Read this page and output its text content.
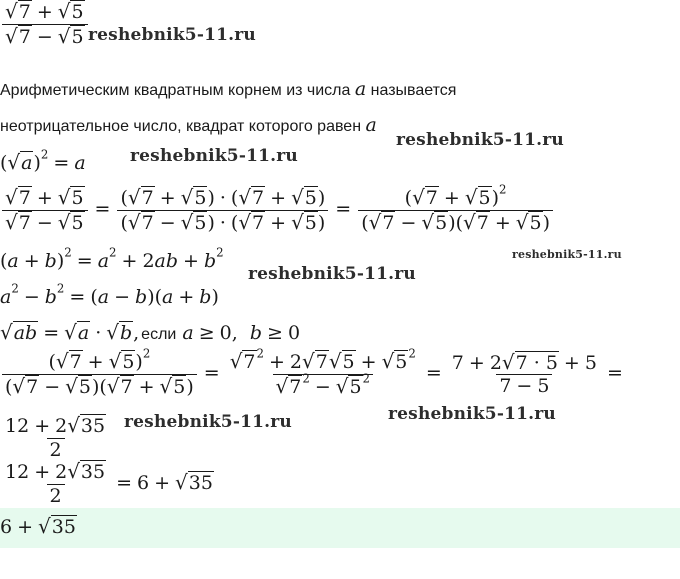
$\frac{√7 + √5}{√7 - √5}$ reshebnik5-11.ru
Арифметическим квадратным корнем из числа a называется
неотрицательное число, квадрат которого равен a
reshebnik5-11.ru
$(√a)^2 = a$	reshebnik5-11.ru
$\frac{√7 + √5}{√7 - √5} = \frac{(√7 + √5) \cdot (√7 + √5)}{(√7 - √5) \cdot (√7 + √5)} = \frac{(√7 + √5)^2}{(√7 - √5)(√7 + √5)}$
reshebnik5-11.ru
$(a + b)^2 = a^2 + 2ab + b^2$
reshebnik5-11.ru
$a^2 - b^2 = (a - b)(a + b)$
√ab = √a · √b, если a ≥ 0,  b ≥ 0
$\frac{(√7 + √5)^2}{(√7 - √5)(√7 + √5)} = \frac{√7^2 + 2√7√5 + √5^2}{√7^2 - √5^2} = \frac{7 + 2√7 \cdot 5 + 5}{7 - 5}$ =
reshebnik5-11.ru
$\frac{12 + 2√35}{2}$ reshebnik5-11.ru
$\frac{12 + 2√35}{2} = 6 + √35$
6 + √35
